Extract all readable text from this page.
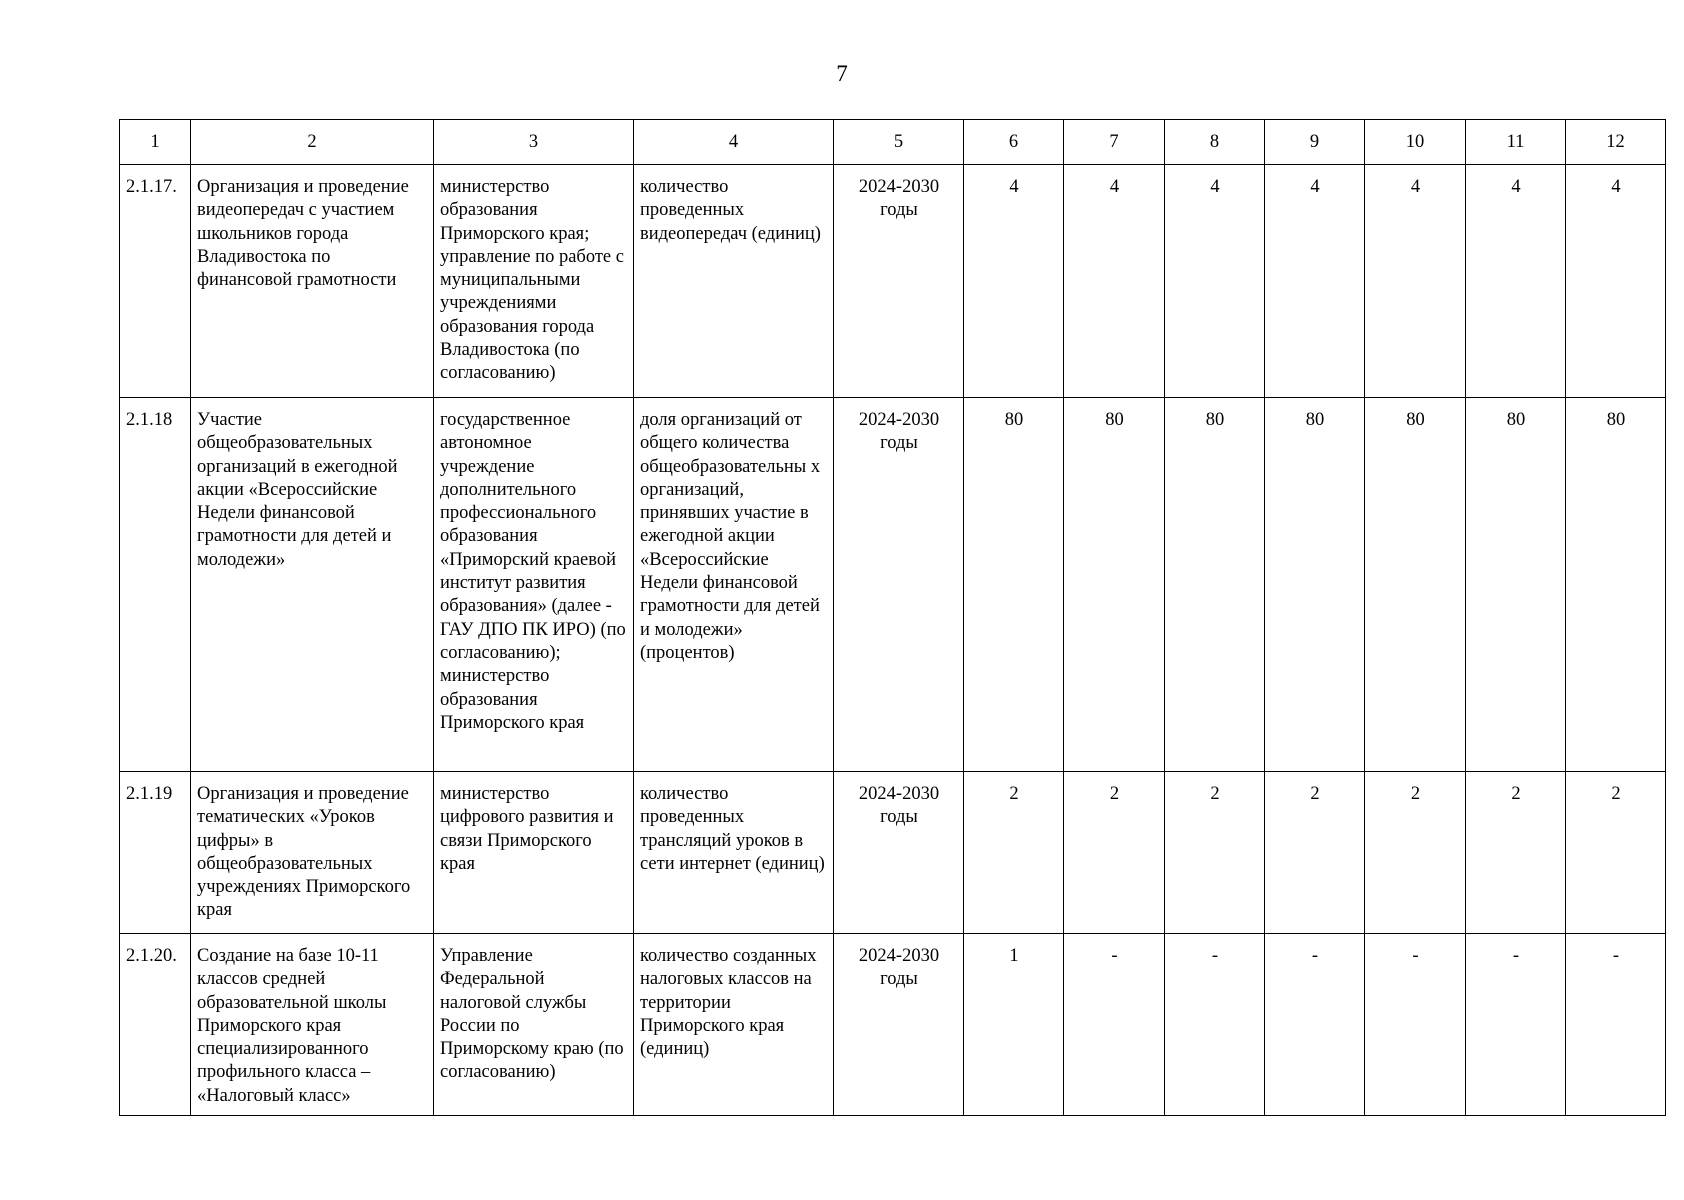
7
1	2	3	4	5	6	7	8	9	10	11	12
2.1.17.	Организация и проведение видеопередач с участием школьников города Владивостока по финансовой грамотности	министерство образования Приморского края; управление по работе с муниципальными учреждениями образования города Владивостока (по согласованию)	количество проведенных видеопередач (единиц)	2024-2030 годы	4	4	4	4	4	4	4
2.1.18	Участие общеобразовательных организаций в ежегодной акции «Всероссийские Недели финансовой грамотности для детей и молодежи»	государственное автономное учреждение дополнительного профессионального образования «Приморский краевой институт развития образования» (далее - ГАУ ДПО ПК ИРО) (по согласованию); министерство образования Приморского края	доля организаций от общего количества общеобразовательны х организаций, принявших участие в ежегодной акции «Всероссийские Недели финансовой грамотности для детей и молодежи» (процентов)	2024-2030 годы	80	80	80	80	80	80	80
2.1.19	Организация и проведение тематических «Уроков цифры» в общеобразовательных учреждениях Приморского края	министерство цифрового развития и связи Приморского края	количество проведенных трансляций уроков в сети интернет (единиц)	2024-2030 годы	2	2	2	2	2	2	2
2.1.20.	Создание на базе 10-11 классов средней образовательной школы Приморского края специализированного профильного класса – «Налоговый класс»	Управление Федеральной налоговой службы России по Приморскому краю (по согласованию)	количество созданных налоговых классов на территории Приморского края (единиц)	2024-2030 годы	1	-	-	-	-	-	-
